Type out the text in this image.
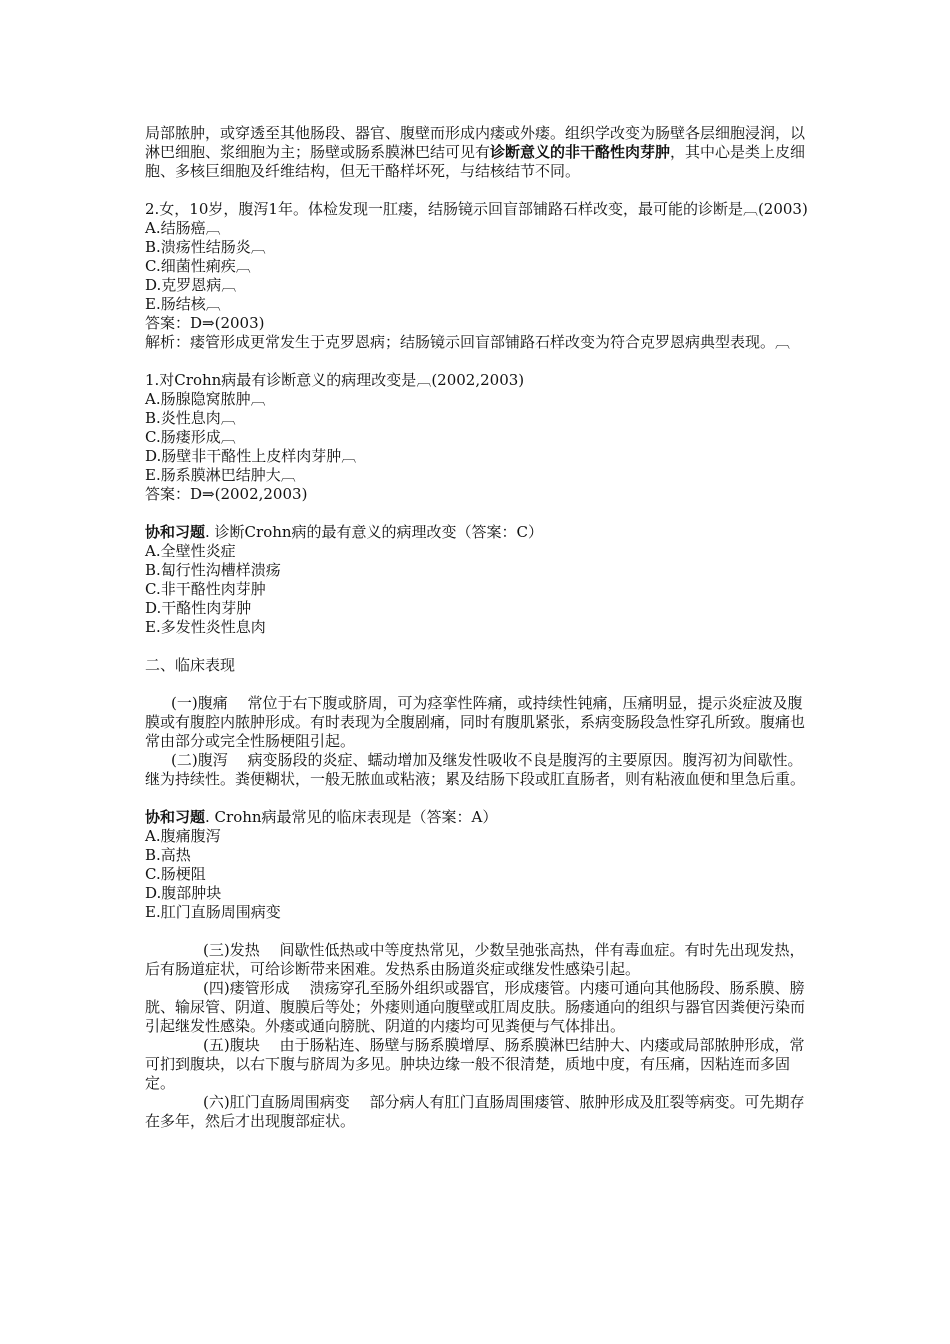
局部脓肿，或穿透至其他肠段、器官、腹壁而形成内瘘或外瘘。组织学改变为肠壁各层细胞浸润，以淋巴细胞、浆细胞为主；肠壁或肠系膜淋巴结可见有诊断意义的非干酪性肉芽肿，其中心是类上皮细胞、多核巨细胞及纤维结构，但无干酪样坏死，与结核结节不同。

2.女，10岁，腹泻1年。体检发现一肛瘘，结肠镜示回盲部铺路石样改变，最可能的诊断是︹(2003)

A.结肠癌︹

B.溃疡性结肠炎︹

C.细菌性痢疾︹

D.克罗恩病︹

E.肠结核︹

答案：D⇒(2003)

解析：瘘管形成更常发生于克罗恩病；结肠镜示回盲部铺路石样改变为符合克罗恩病典型表现。︹

1.对Crohn病最有诊断意义的病理改变是︹(2002,2003)

A.肠腺隐窝脓肿︹

B.炎性息肉︹

C.肠瘘形成︹

D.肠壁非干酪性上皮样肉芽肿︹

E.肠系膜淋巴结肿大︹

答案：D⇒(2002,2003)

协和习题. 诊断Crohn病的最有意义的病理改变（答案：C）

A.全壁性炎症

B.匐行性沟槽样溃疡

C.非干酪性肉芽肿

D.干酪性肉芽肿

E.多发性炎性息肉

二、临床表现

(一)腹痛　 常位于右下腹或脐周，可为痉挛性阵痛，或持续性钝痛，压痛明显，提示炎症波及腹膜或有腹腔内脓肿形成。有时表现为全腹剧痛，同时有腹肌紧张，系病变肠段急性穿孔所致。腹痛也常由部分或完全性肠梗阻引起。

(二)腹泻　 病变肠段的炎症、蠕动增加及继发性吸收不良是腹泻的主要原因。腹泻初为间歇性。继为持续性。粪便糊状，一般无脓血或粘液；累及结肠下段或肛直肠者，则有粘液血便和里急后重。

协和习题. Crohn病最常见的临床表现是（答案：A）

A.腹痛腹泻

B.高热

C.肠梗阻

D.腹部肿块

E.肛门直肠周围病变

(三)发热　 间歇性低热或中等度热常见，少数呈弛张高热，伴有毒血症。有时先出现发热，后有肠道症状，可给诊断带来困难。发热系由肠道炎症或继发性感染引起。

(四)瘘管形成　 溃疡穿孔至肠外组织或器官，形成瘘管。内瘘可通向其他肠段、肠系膜、膀胱、输尿管、阴道、腹膜后等处；外瘘则通向腹壁或肛周皮肤。肠瘘通向的组织与器官因粪便污染而引起继发性感染。外瘘或通向膀胱、阴道的内瘘均可见粪便与气体排出。

(五)腹块　 由于肠粘连、肠壁与肠系膜增厚、肠系膜淋巴结肿大、内瘘或局部脓肿形成，常可扪到腹块，以右下腹与脐周为多见。肿块边缘一般不很清楚，质地中度，有压痛，因粘连而多固定。

(六)肛门直肠周围病变　 部分病人有肛门直肠周围瘘管、脓肿形成及肛裂等病变。可先期存在多年，然后才出现腹部症状。
